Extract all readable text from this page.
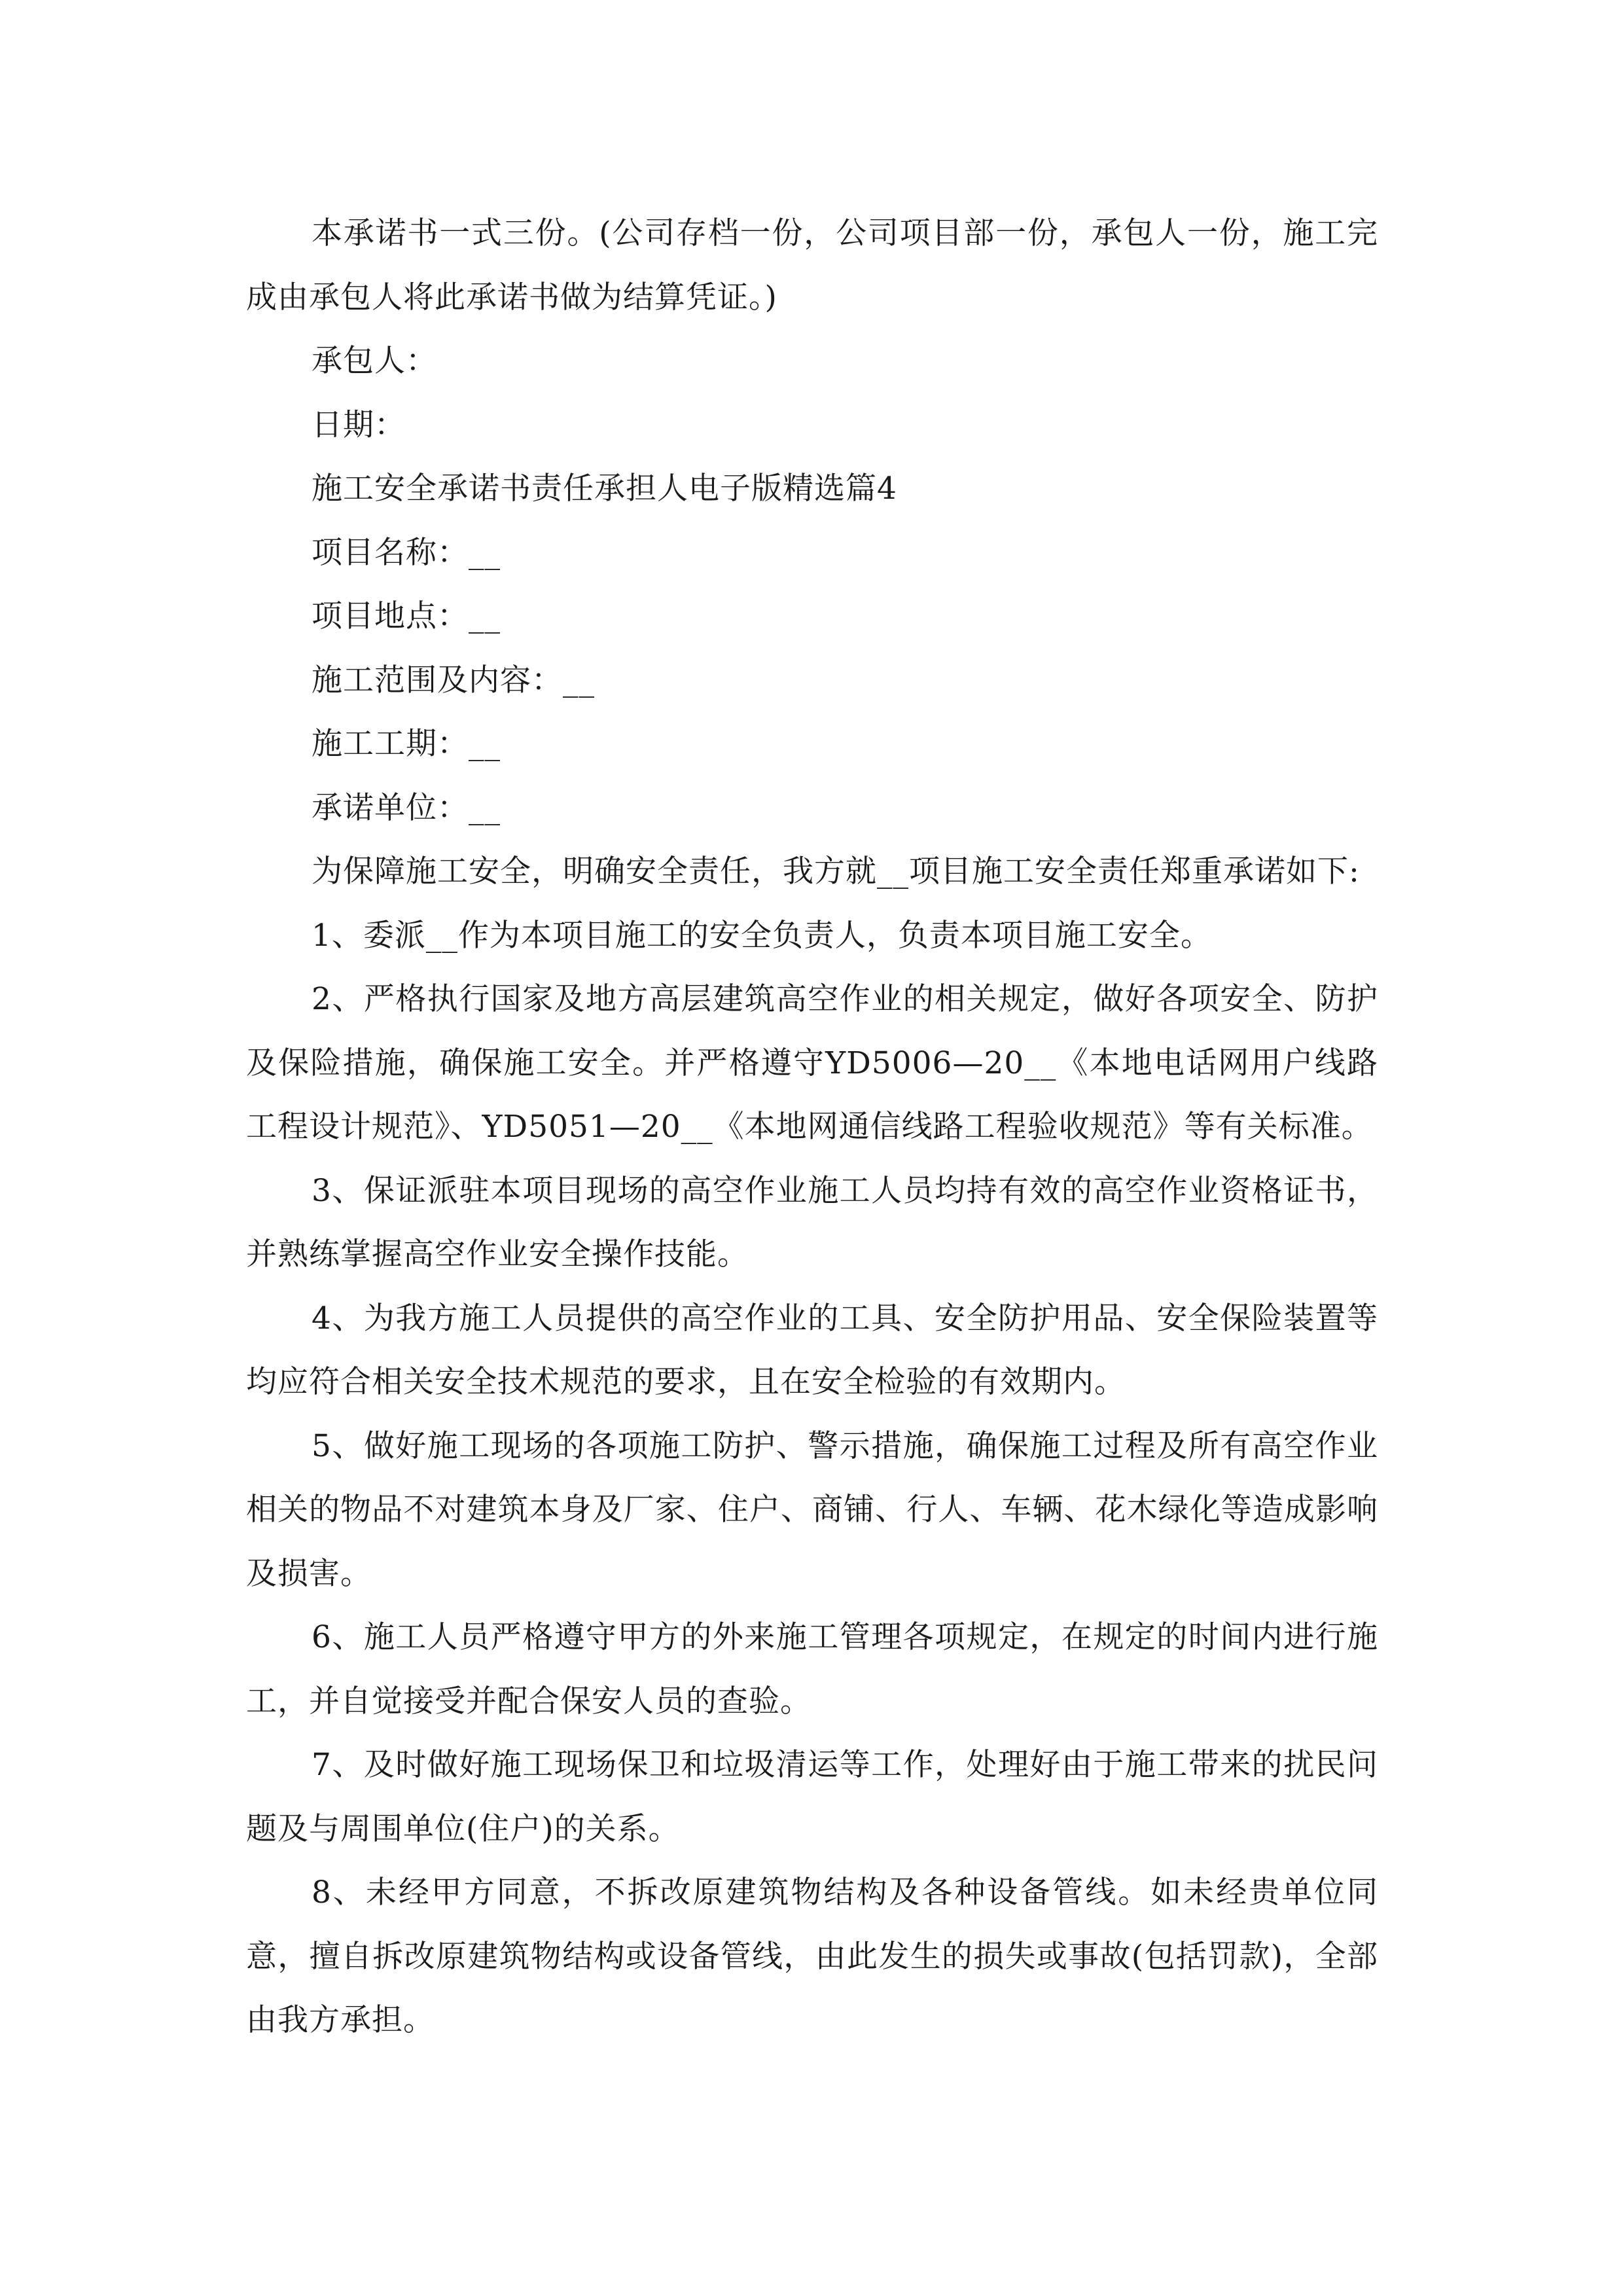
本承诺书一式三份。(公司存档一份，公司项目部一份，承包人一份，施工完成由承包人将此承诺书做为结算凭证。)

承包人：

日期：

施工安全承诺书责任承担人电子版精选篇4

项目名称：__

项目地点：__

施工范围及内容：__

施工工期：__

承诺单位：__

为保障施工安全，明确安全责任，我方就__项目施工安全责任郑重承诺如下:

1、委派__作为本项目施工的安全负责人，负责本项目施工安全。

2、严格执行国家及地方高层建筑高空作业的相关规定，做好各项安全、防护及保险措施，确保施工安全。并严格遵守YD5006—20__《本地电话网用户线路工程设计规范》、YD5051—20__《本地网通信线路工程验收规范》等有关标准。

3、保证派驻本项目现场的高空作业施工人员均持有效的高空作业资格证书，并熟练掌握高空作业安全操作技能。

4、为我方施工人员提供的高空作业的工具、安全防护用品、安全保险装置等均应符合相关安全技术规范的要求，且在安全检验的有效期内。

5、做好施工现场的各项施工防护、警示措施，确保施工过程及所有高空作业相关的物品不对建筑本身及厂家、住户、商铺、行人、车辆、花木绿化等造成影响及损害。

6、施工人员严格遵守甲方的外来施工管理各项规定，在规定的时间内进行施工，并自觉接受并配合保安人员的查验。

7、及时做好施工现场保卫和垃圾清运等工作，处理好由于施工带来的扰民问题及与周围单位(住户)的关系。

8、未经甲方同意，不拆改原建筑物结构及各种设备管线。如未经贵单位同意，擅自拆改原建筑物结构或设备管线，由此发生的损失或事故(包括罚款)，全部由我方承担。
